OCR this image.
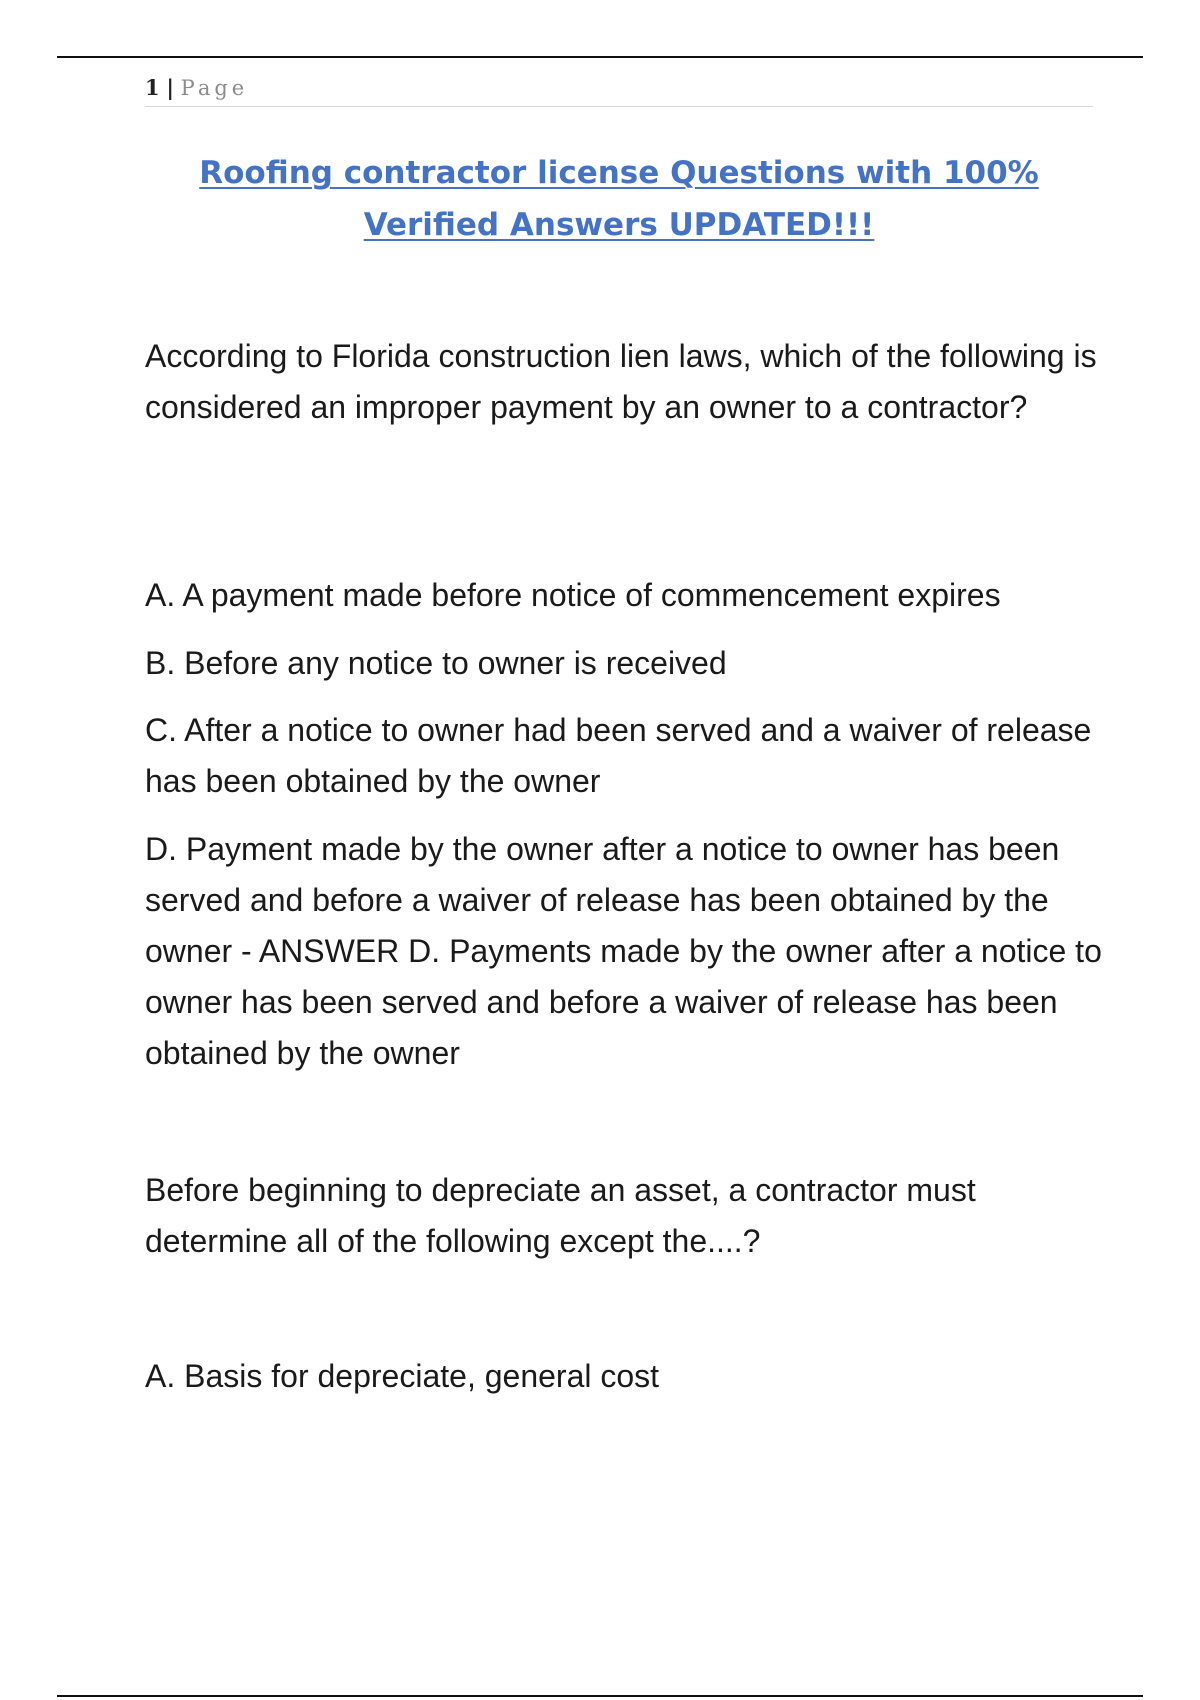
1 | Page
Roofing contractor license Questions with 100%
Verified Answers UPDATED!!!
According to Florida construction lien laws, which of the following is considered an improper payment by an owner to a contractor?
A. A payment made before notice of commencement expires
B. Before any notice to owner is received
C. After a notice to owner had been served and a waiver of release has been obtained by the owner
D. Payment made by the owner after a notice to owner has been served and before a waiver of release has been obtained by the owner - ANSWER D. Payments made by the owner after a notice to owner has been served and before a waiver of release has been obtained by the owner
Before beginning to depreciate an asset, a contractor must determine all of the following except the....?
A. Basis for depreciate, general cost
